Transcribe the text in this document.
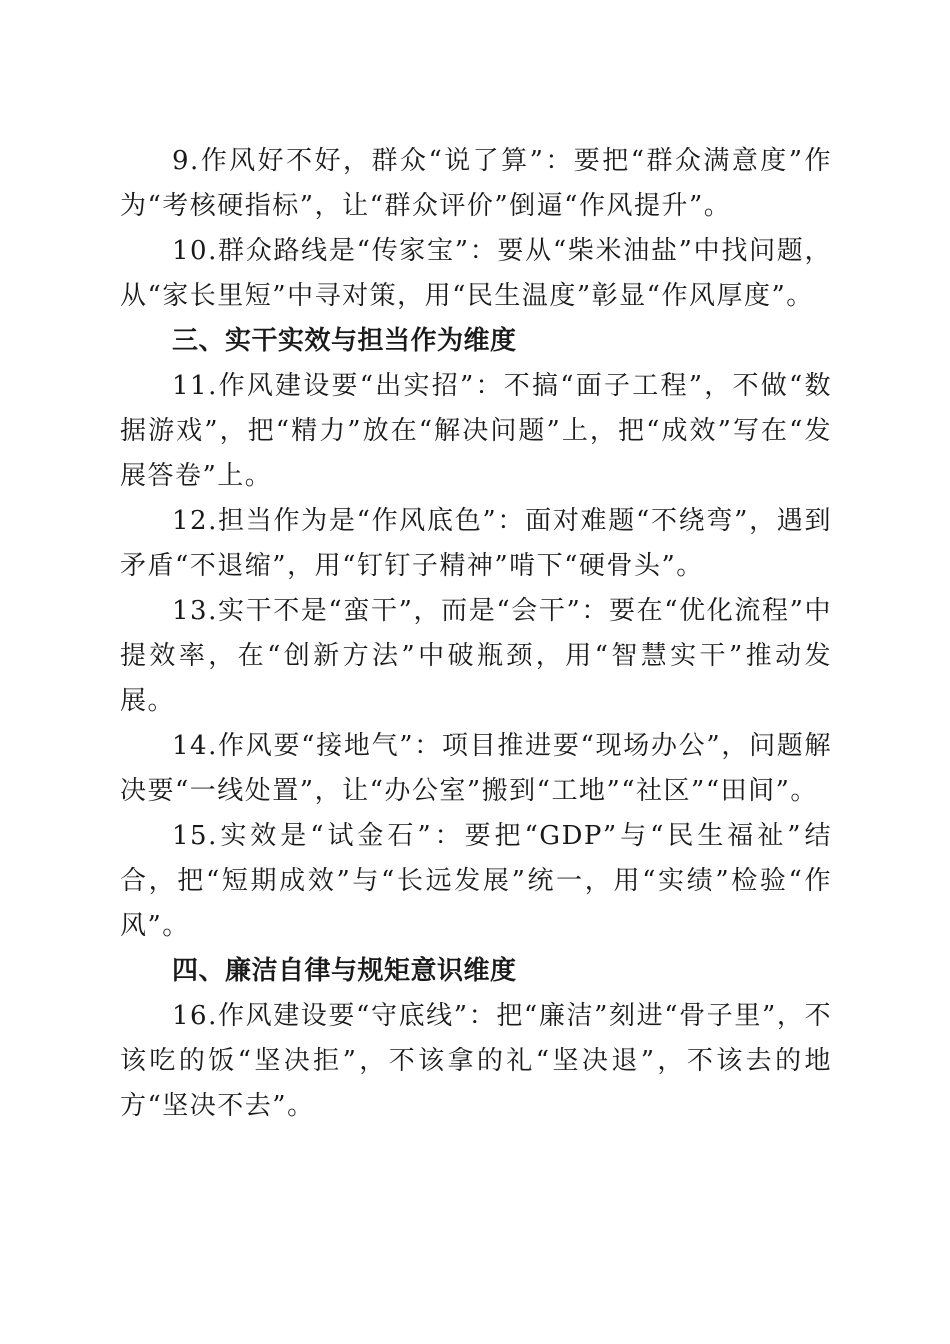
9.作风好不好，群众“说了算”：要把“群众满意度”作为“考核硬指标”，让“群众评价”倒逼“作风提升”。

10.群众路线是“传家宝”：要从“柴米油盐”中找问题，从“家长里短”中寻对策，用“民生温度”彰显“作风厚度”。

三、实干实效与担当作为维度

11.作风建设要“出实招”：不搞“面子工程”，不做“数据游戏”，把“精力”放在“解决问题”上，把“成效”写在“发展答卷”上。

12.担当作为是“作风底色”：面对难题“不绕弯”，遇到矛盾“不退缩”，用“钉钉子精神”啃下“硬骨头”。

13.实干不是“蛮干”，而是“会干”：要在“优化流程”中提效率，在“创新方法”中破瓶颈，用“智慧实干”推动发展。

14.作风要“接地气”：项目推进要“现场办公”，问题解决要“一线处置”，让“办公室”搬到“工地”“社区”“田间”。

15.实效是“试金石”：要把“GDP”与“民生福祉”结合，把“短期成效”与“长远发展”统一，用“实绩”检验“作风”。

四、廉洁自律与规矩意识维度

16.作风建设要“守底线”：把“廉洁”刻进“骨子里”，不该吃的饭“坚决拒”，不该拿的礼“坚决退”，不该去的地方“坚决不去”。
